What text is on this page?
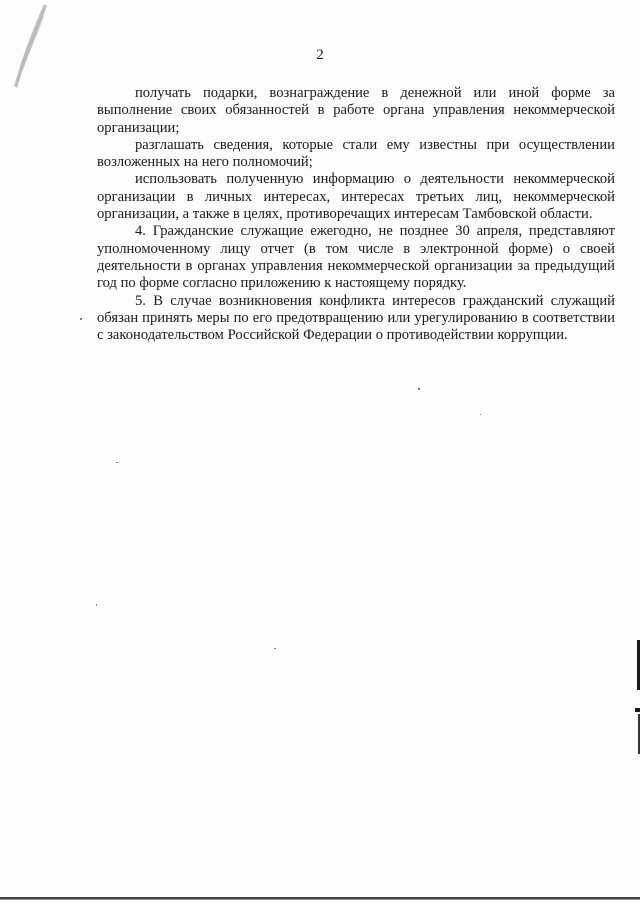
2

получать подарки, вознаграждение в денежной или иной форме за выполнение своих обязанностей в работе органа управления некоммерческой организации;

разглашать сведения, которые стали ему известны при осуществлении возложенных на него полномочий;

использовать полученную информацию о деятельности некоммерческой организации в личных интересах, интересах третьих лиц, некоммерческой организации, а также в целях, противоречащих интересам Тамбовской области.

4. Гражданские служащие ежегодно, не позднее 30 апреля, представляют уполномоченному лицу отчет (в том числе в электронной форме) о своей деятельности в органах управления некоммерческой организации за предыдущий год по форме согласно приложению к настоящему порядку.

5. В случае возникновения конфликта интересов гражданский служащий обязан принять меры по его предотвращению или урегулированию в соответствии с законодательством Российской Федерации о противодействии коррупции.
